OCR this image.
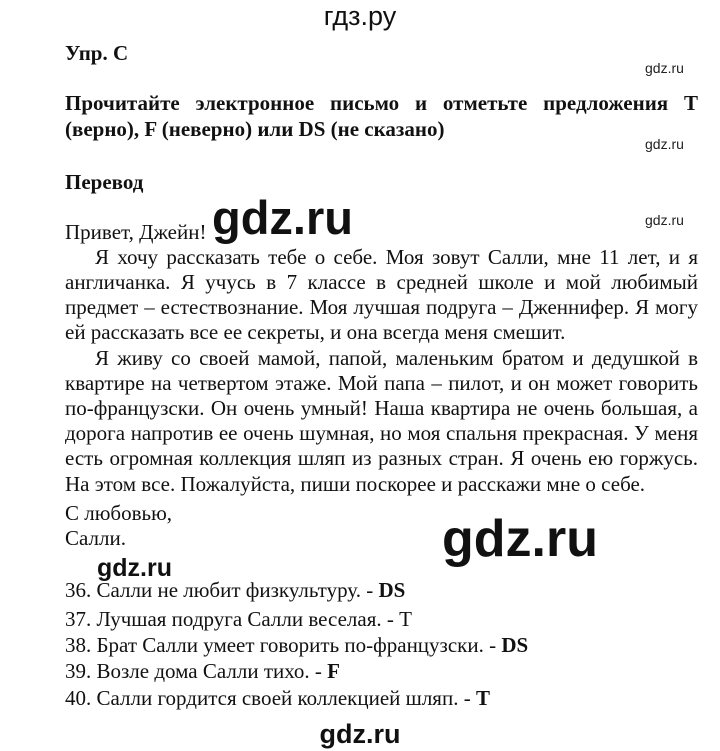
гдз.ру
Упр. С
gdz.ru
Прочитайте электронное письмо и отметьте предложения T
(верно), F (неверно) или DS (не сказано)
gdz.ru
Перевод
Привет, Джейн! gdz.ru	gdz.ru
Я хочу рассказать тебе о себе. Моя зовут Салли, мне 11 лет, и я
англичанка. Я учусь в 7 классе в средней школе и мой любимый
предмет – естествознание. Моя лучшая подруга – Дженнифер. Я могу
ей рассказать все ее секреты, и она всегда меня смешит.
Я живу со своей мамой, папой, маленьким братом и дедушкой в
квартире на четвертом этаже. Мой папа – пилот, и он может говорить
по-французски. Он очень умный! Наша квартира не очень большая, а
дорога напротив ее очень шумная, но моя спальня прекрасная. У меня
есть огромная коллекция шляп из разных стран. Я очень ею горжусь.
На этом все. Пожалуйста, пиши поскорее и расскажи мне о себе.
С любовью,
Салли.	gdz.ru
gdz.ru
36. Салли не любит физкультуру. - DS
37. Лучшая подруга Салли веселая. - T
38. Брат Салли умеет говорить по-французски. - DS
39. Возле дома Салли тихо. - F
40. Салли гордится своей коллекцией шляп. - T
gdz.ru
